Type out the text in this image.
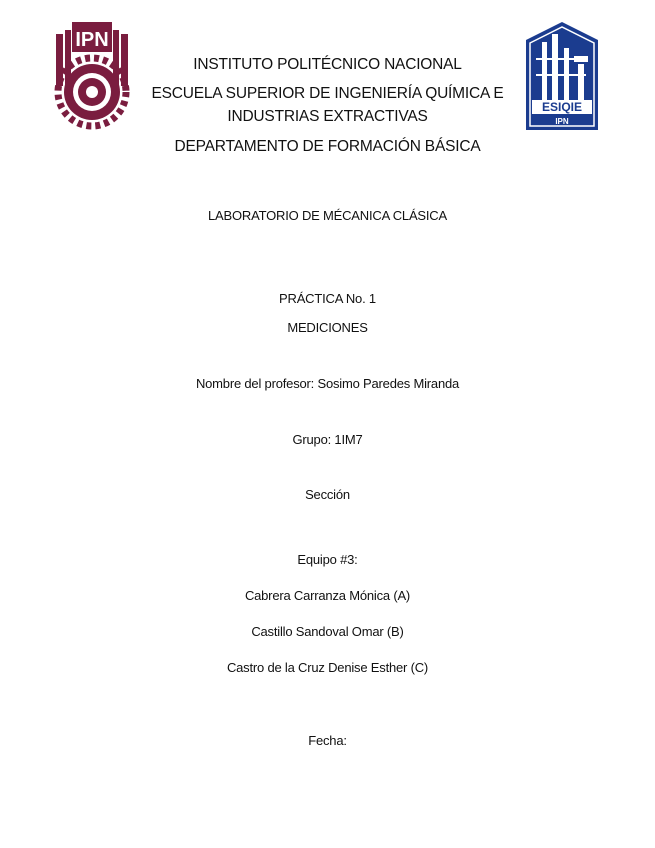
IPN
ESIQIE
IPN
INSTITUTO POLITÉCNICO NACIONAL
ESCUELA SUPERIOR DE INGENIERÍA QUÍMICA E
INDUSTRIAS EXTRACTIVAS
DEPARTAMENTO DE FORMACIÓN BÁSICA
LABORATORIO DE MÉCANICA CLÁSICA
PRÁCTICA No. 1
MEDICIONES
Nombre del profesor: Sosimo Paredes Miranda
Grupo: 1IM7
Sección
Equipo #3:
Cabrera Carranza Mónica (A)
Castillo Sandoval Omar (B)
Castro de la Cruz Denise Esther (C)
Fecha:
